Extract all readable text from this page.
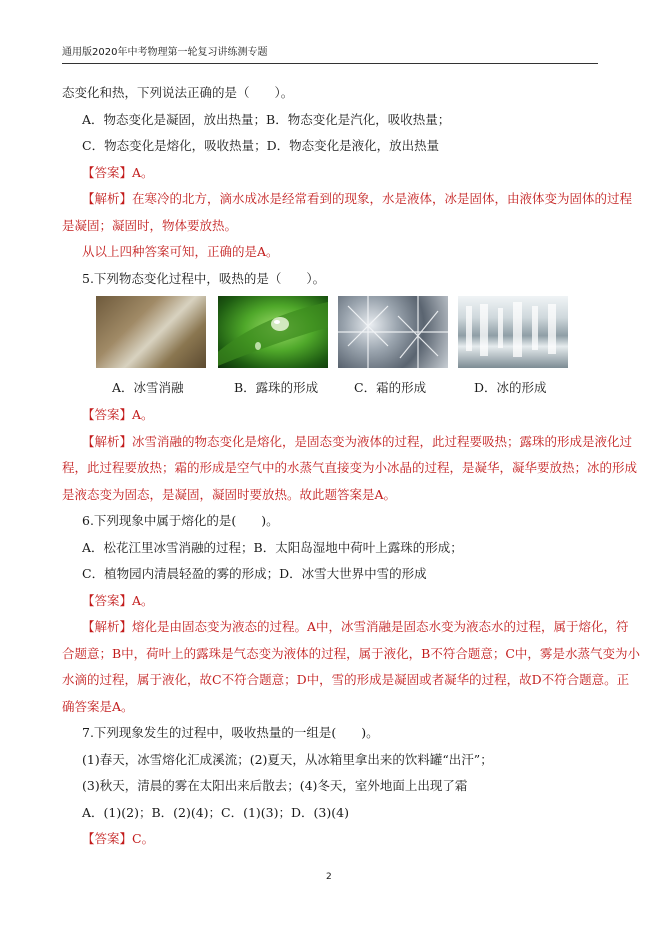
通用版2020年中考物理第一轮复习讲练测专题
态变化和热，下列说法正确的是（　　）。
A．物态变化是凝固，放出热量；B．物态变化是汽化，吸收热量；
C．物态变化是熔化，吸收热量；D．物态变化是液化，放出热量
【答案】A。
【解析】在寒冷的北方，滴水成冰是经常看到的现象，水是液体，冰是固体，由液体变为固体的过程
是凝固；凝固时，物体要放热。
从以上四种答案可知，正确的是A。
5.下列物态变化过程中，吸热的是（　　）。
A．冰雪消融	B．露珠的形成	C．霜的形成	D．冰的形成
【答案】A。
【解析】冰雪消融的物态变化是熔化，是固态变为液体的过程，此过程要吸热；露珠的形成是液化过
程，此过程要放热；霜的形成是空气中的水蒸气直接变为小冰晶的过程，是凝华，凝华要放热；冰的形成
是液态变为固态，是凝固，凝固时要放热。故此题答案是A。
6.下列现象中属于熔化的是(　　)。
A．松花江里冰雪消融的过程；B．太阳岛湿地中荷叶上露珠的形成；
C．植物园内清晨轻盈的雾的形成；D．冰雪大世界中雪的形成
【答案】A。
【解析】熔化是由固态变为液态的过程。A中，冰雪消融是固态水变为液态水的过程，属于熔化，符
合题意；B中，荷叶上的露珠是气态变为液体的过程，属于液化，B不符合题意；C中，雾是水蒸气变为小
水滴的过程，属于液化，故C不符合题意；D中，雪的形成是凝固或者凝华的过程，故D不符合题意。正
确答案是A。
7.下列现象发生的过程中，吸收热量的一组是(　　)。
(1)春天，冰雪熔化汇成溪流；(2)夏天，从冰箱里拿出来的饮料罐“出汗”；
(3)秋天，清晨的雾在太阳出来后散去；(4)冬天，室外地面上出现了霜
A．(1)(2)；B．(2)(4)；C．(1)(3)；D．(3)(4)
【答案】C。
2
